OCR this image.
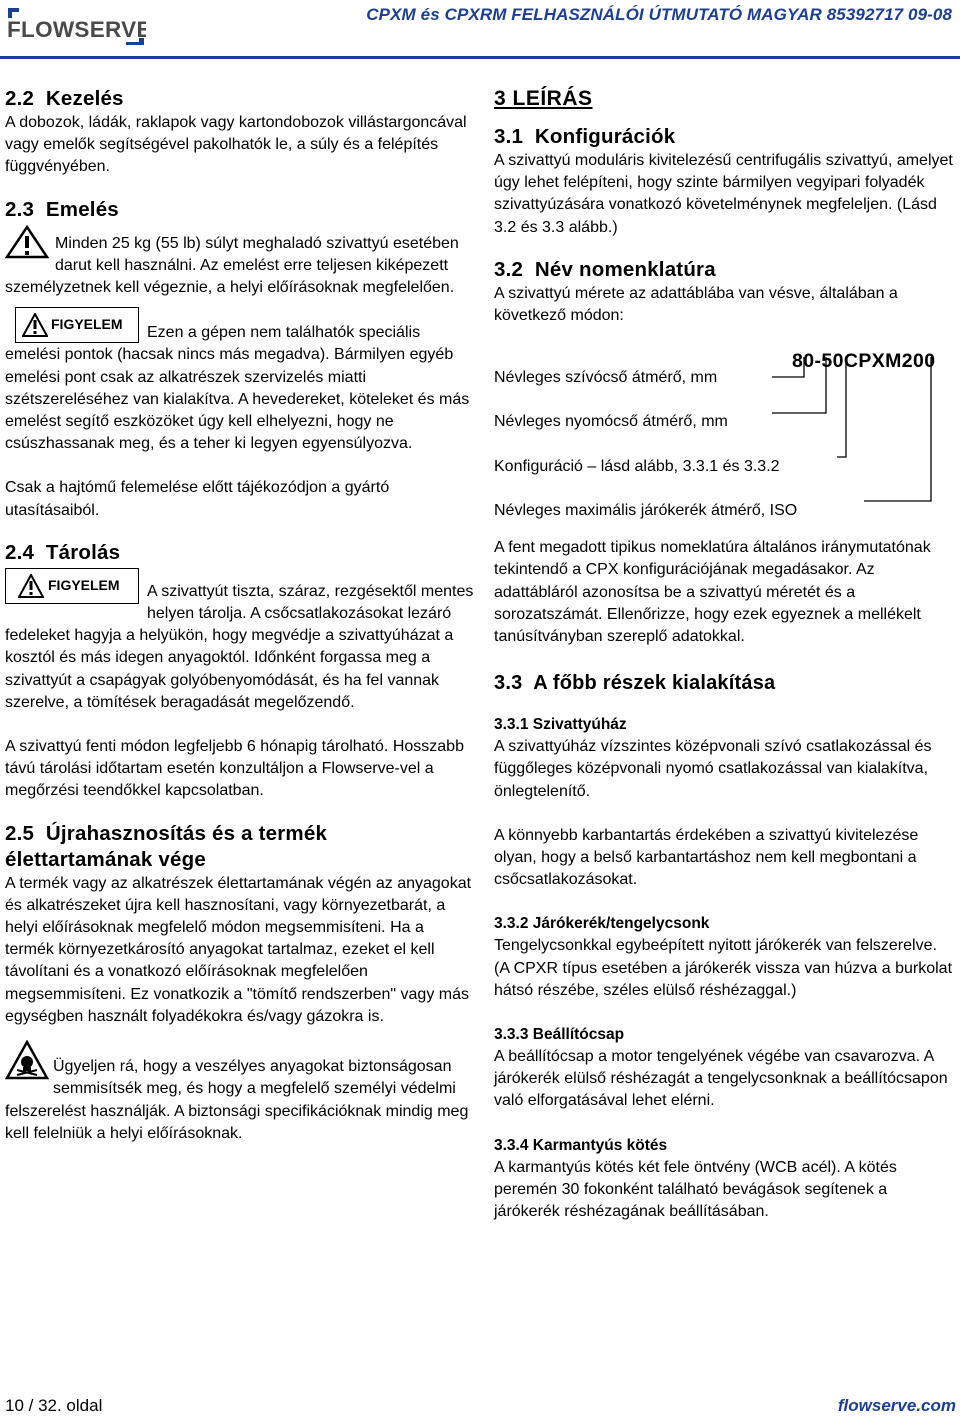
FLOWSERVE
CPXM és CPXRM FELHASZNÁLÓI ÚTMUTATÓ MAGYAR 85392717 09-08
2.2 Kezelés

A dobozok, ládák, raklapok vagy kartondobozok villástargoncával vagy emelők segítségével pakolhatók le, a súly és a felépítés függvényében.

2.3 Emelés

Minden 25 kg (55 lb) súlyt meghaladó szivattyú esetében darut kell használni. Az emelést erre teljesen kiképezett személyzetnek kell végeznie, a helyi előírásoknak megfelelően.

FIGYELEM	Ezen a gépen nem találhatók speciális emelési pontok (hacsak nincs más megadva). Bármilyen egyéb emelési pont csak az alkatrészek szervizelés miatti szétszereléséhez van kialakítva. A hevedereket, köteleket és más emelést segítő eszközöket úgy kell elhelyezni, hogy ne csúszhassanak meg, és a teher ki legyen egyensúlyozva.

Csak a hajtómű felemelése előtt tájékozódjon a gyártó utasításaiból.

2.4 Tárolás
FIGYELEM	A szivattyút tiszta, száraz, rezgésektől mentes helyen tárolja. A csőcsatlakozásokat lezáró fedeleket hagyja a helyükön, hogy megvédje a szivattyúházat a kosztól és más idegen anyagoktól. Időnként forgassa meg a szivattyút a csapágyak golyóbenyomódását, és ha fel vannak szerelve, a tömítések beragadását megelőzendő.

A szivattyú fenti módon legfeljebb 6 hónapig tárolható. Hosszabb távú tárolási időtartam esetén konzultáljon a Flowserve-vel a megőrzési teendőkkel kapcsolatban.

2.5 Újrahasznosítás és a termék
élettartamának vége

A termék vagy az alkatrészek élettartamának végén az anyagokat és alkatrészeket újra kell hasznosítani, vagy környezetbarát, a helyi előírásoknak megfelelő módon megsemmisíteni. Ha a termék környezetkárosító anyagokat tartalmaz, ezeket el kell távolítani és a vonatkozó előírásoknak megfelelően megsemmisíteni. Ez vonatkozik a "tömítő rendszerben" vagy más egységben használt folyadékokra és/vagy gázokra is.

Ügyeljen rá, hogy a veszélyes anyagokat biztonságosan semmisítsék meg, és hogy a megfelelő személyi védelmi felszerelést használják. A biztonsági specifikációknak mindig meg kell felelniük a helyi előírásoknak.

3 LEÍRÁS
3.1 Konfigurációk

A szivattyú moduláris kivitelezésű centrifugális szivattyú, amelyet úgy lehet felépíteni, hogy szinte bármilyen vegyipari folyadék szivattyúzására vonatkozó követelménynek megfeleljen. (Lásd 3.2 és 3.3 alább.)

3.2 Név nomenklatúra

A szivattyú mérete az adattáblába van vésve, általában a következő módon:

80-50CPXM200
Névleges szívócső átmérő, mm
Névleges nyomócső átmérő, mm
Konfiguráció – lásd alább, 3.3.1 és 3.3.2
Névleges maximális járókerék átmérő, ISO

A fent megadott tipikus nomeklatúra általános iránymutatónak tekintendő a CPX konfigurációjának megadásakor. Az adattábláról azonosítsa be a szivattyú méretét és a sorozatszámát. Ellenőrizze, hogy ezek egyeznek a mellékelt tanúsítványban szereplő adatokkal.

3.3 A főbb részek kialakítása
3.3.1 Szivattyúház

A szivattyúház vízszintes középvonali szívó csatlakozással és függőleges középvonali nyomó csatlakozással van kialakítva, önlegtelenítő.

A könnyebb karbantartás érdekében a szivattyú kivitelezése olyan, hogy a belső karbantartáshoz nem kell megbontani a csőcsatlakozásokat.

3.3.2 Járókerék/tengelycsonk

Tengelycsonkkal egybeépített nyitott járókerék van felszerelve. (A CPXR típus esetében a járókerék vissza van húzva a burkolat hátsó részébe, széles elülső réshézaggal.)

3.3.3 Beállítócsap

A beállítócsap a motor tengelyének végébe van csavarozva. A járókerék elülső réshézagát a tengelycsonknak a beállítócsapon való elforgatásával lehet elérni.

3.3.4 Karmantyús kötés

A karmantyús kötés két fele öntvény (WCB acél). A kötés peremén 30 fokonként található bevágások segítenek a járókerék réshézagának beállításában.

10 / 32. oldal	flowserve.com
